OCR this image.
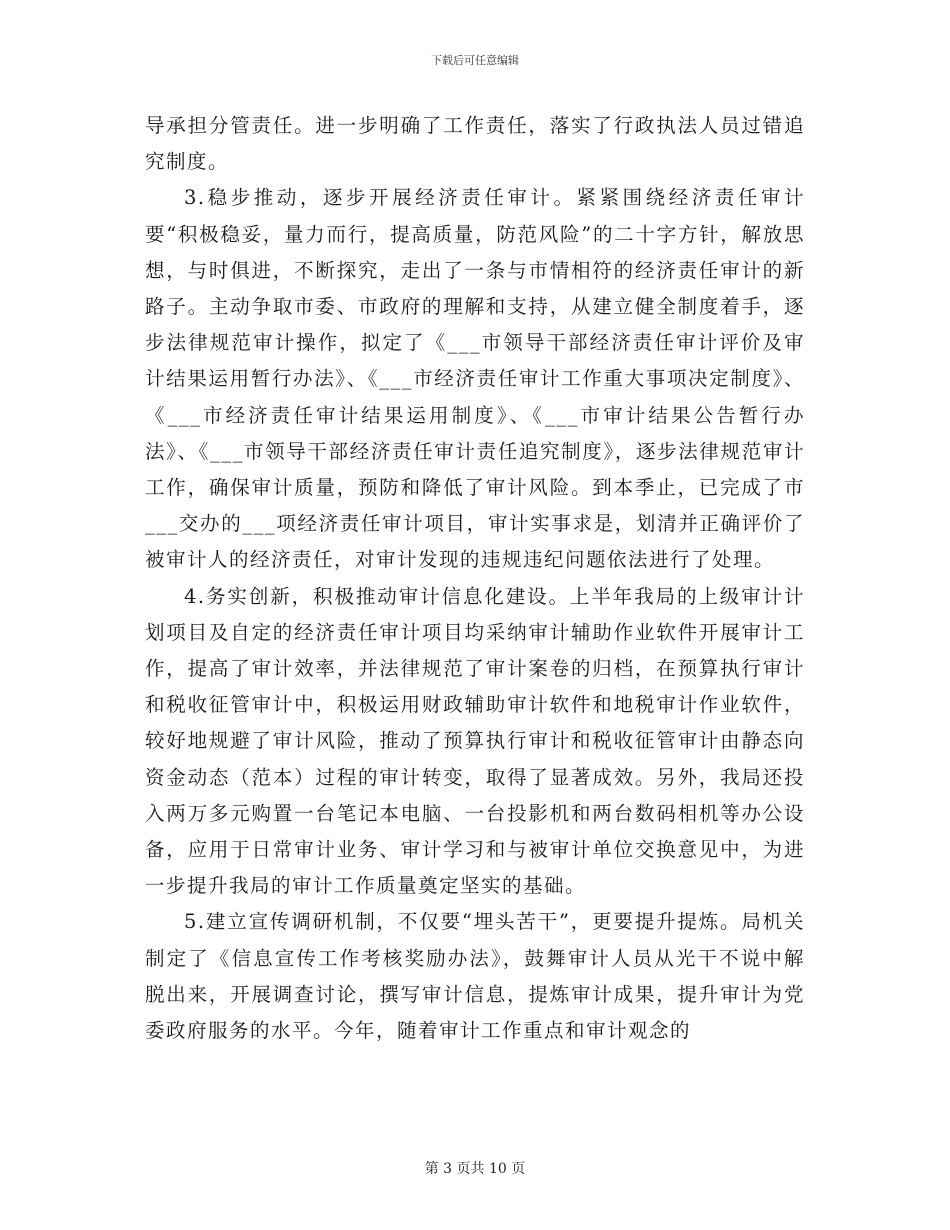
下载后可任意编辑

导承担分管责任。进一步明确了工作责任，落实了行政执法人员过错追究制度。

3.稳步推动，逐步开展经济责任审计。紧紧围绕经济责任审计要“积极稳妥，量力而行，提高质量，防范风险”的二十字方针，解放思想，与时俱进，不断探究，走出了一条与市情相符的经济责任审计的新路子。主动争取市委、市政府的理解和支持，从建立健全制度着手，逐步法律规范审计操作，拟定了《___市领导干部经济责任审计评价及审计结果运用暂行办法》、《___市经济责任审计工作重大事项决定制度》、《___市经济责任审计结果运用制度》、《___市审计结果公告暂行办法》、《___市领导干部经济责任审计责任追究制度》，逐步法律规范审计工作，确保审计质量，预防和降低了审计风险。到本季止，已完成了市___交办的___项经济责任审计项目，审计实事求是，划清并正确评价了被审计人的经济责任，对审计发现的违规违纪问题依法进行了处理。

4.务实创新，积极推动审计信息化建设。上半年我局的上级审计计划项目及自定的经济责任审计项目均采纳审计辅助作业软件开展审计工作，提高了审计效率，并法律规范了审计案卷的归档，在预算执行审计和税收征管审计中，积极运用财政辅助审计软件和地税审计作业软件，较好地规避了审计风险，推动了预算执行审计和税收征管审计由静态向资金动态（范本）过程的审计转变，取得了显著成效。另外，我局还投入两万多元购置一台笔记本电脑、一台投影机和两台数码相机等办公设备，应用于日常审计业务、审计学习和与被审计单位交换意见中，为进一步提升我局的审计工作质量奠定坚实的基础。

5.建立宣传调研机制，不仅要“埋头苦干”，更要提升提炼。局机关制定了《信息宣传工作考核奖励办法》，鼓舞审计人员从光干不说中解脱出来，开展调查讨论，撰写审计信息，提炼审计成果，提升审计为党委政府服务的水平。今年，随着审计工作重点和审计观念的

第 3 页共 10 页
